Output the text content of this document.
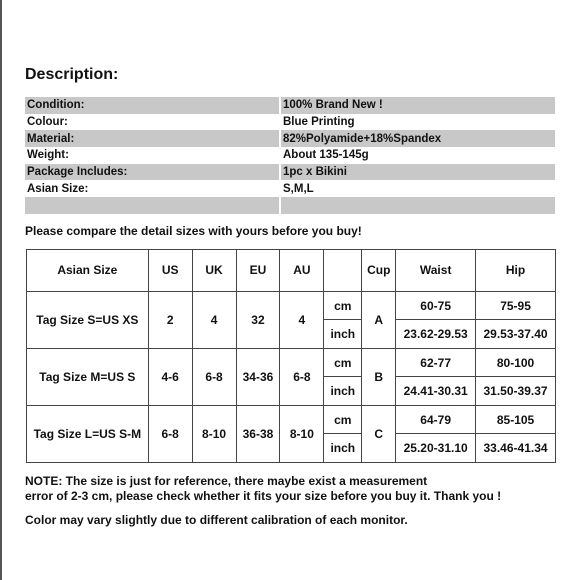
Description:
Condition:		100% Brand New !
Colour:		Blue Printing
Material:		82%Polyamide+18%Spandex
Weight:		About 135-145g
Package Includes:		1pc x Bikini
Asian Size:		S,M,L

Please compare the detail sizes with yours before you buy!
Asian Size	US	UK	EU	AU		Cup	Waist	Hip
Tag Size S=US XS	2	4	32	4	cm	A	60-75	75-95
					inch		23.62-29.53	29.53-37.40
Tag Size M=US S	4-6	6-8	34-36	6-8	cm	B	62-77	80-100
					inch		24.41-30.31	31.50-39.37
Tag Size L=US S-M	6-8	8-10	36-38	8-10	cm	C	64-79	85-105
					inch		25.20-31.10	33.46-41.34
NOTE: The size is just for reference, there maybe exist a measurement
error of 2-3 cm, please check whether it fits your size before you buy it. Thank you !
Color may vary slightly due to different calibration of each monitor.
